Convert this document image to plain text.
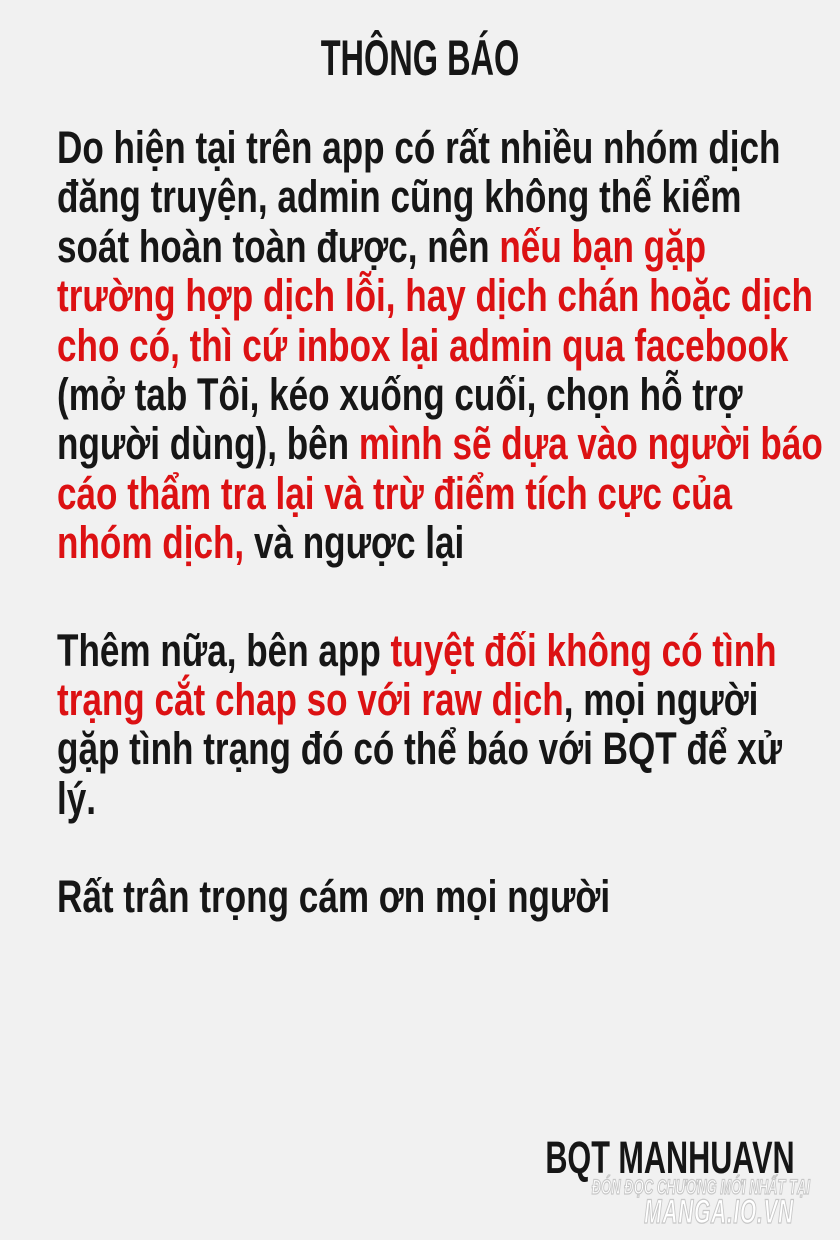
THÔNG BÁO

Do hiện tại trên app có rất nhiều nhóm dịch
đăng truyện, admin cũng không thể kiểm
soát hoàn toàn được, nên nếu bạn gặp
trường hợp dịch lỗi, hay dịch chán hoặc dịch
cho có, thì cứ inbox lại admin qua facebook
(mở tab Tôi, kéo xuống cuối, chọn hỗ trợ
người dùng), bên mình sẽ dựa vào người báo
cáo thẩm tra lại và trừ điểm tích cực của
nhóm dịch, và ngược lại

Thêm nữa, bên app tuyệt đối không có tình
trạng cắt chap so với raw dịch, mọi người
gặp tình trạng đó có thể báo với BQT để xử
lý.

Rất trân trọng cám ơn mọi người

BQT MANHUAVN
ĐÓN ĐỌC CHƯƠNG MỚI NHẤT TẠI
MANGA.IO.VN
